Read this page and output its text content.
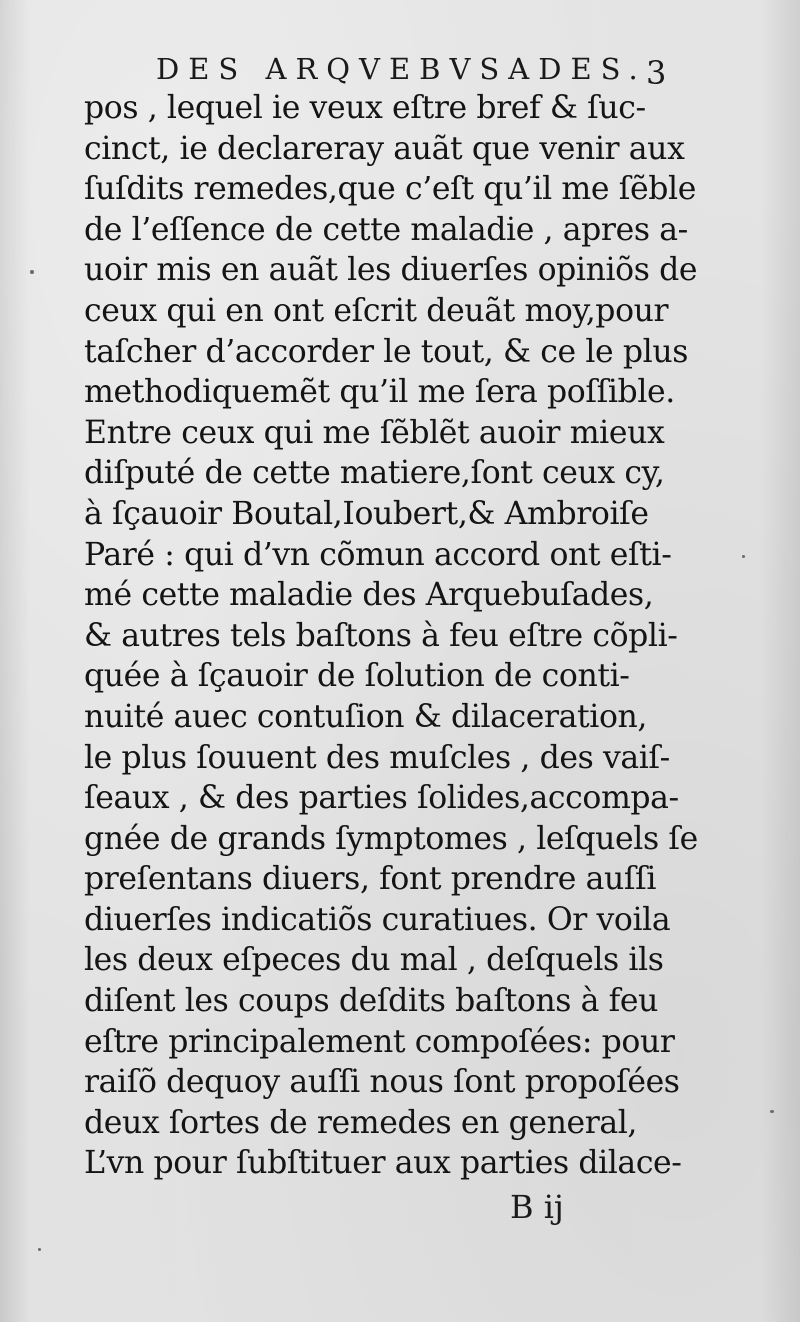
DES ARQVEBVSADES. 3
pos , lequel ie veux eſtre bref & ſuc-
cinct, ie declareray auãt que venir aux
ſuſdits remedes,que c’eſt qu’il me ſẽble
de l’eſſence de cette maladie , apres a-
uoir mis en auãt les diuerſes opiniõs de
ceux qui en ont eſcrit deuãt moy,pour
taſcher d’accorder le tout, & ce le plus
methodiquemẽt qu’il me ſera poſſible.
Entre ceux qui me ſẽblẽt auoir mieux
diſputé de cette matiere,ſont ceux cy,
à ſçauoir Boutal,Ioubert,& Ambroiſe
Paré : qui d’vn cõmun accord ont eſti-
mé cette maladie des Arquebuſades,
& autres tels baſtons à feu eſtre cõpli-
quée à ſçauoir de ſolution de conti-
nuité auec contuſion & dilaceration,
le plus ſouuent des muſcles , des vaiſ-
ſeaux , & des parties ſolides,accompa-
gnée de grands ſymptomes , leſquels ſe
preſentans diuers, font prendre auſſi
diuerſes indicatiõs curatiues. Or voila
les deux eſpeces du mal , deſquels ils
diſent les coups deſdits baſtons à feu
eſtre principalement compoſées: pour
raiſõ dequoy auſſi nous ſont propoſées
deux ſortes de remedes en general,
L’vn pour ſubſtituer aux parties dilace-
B ij
